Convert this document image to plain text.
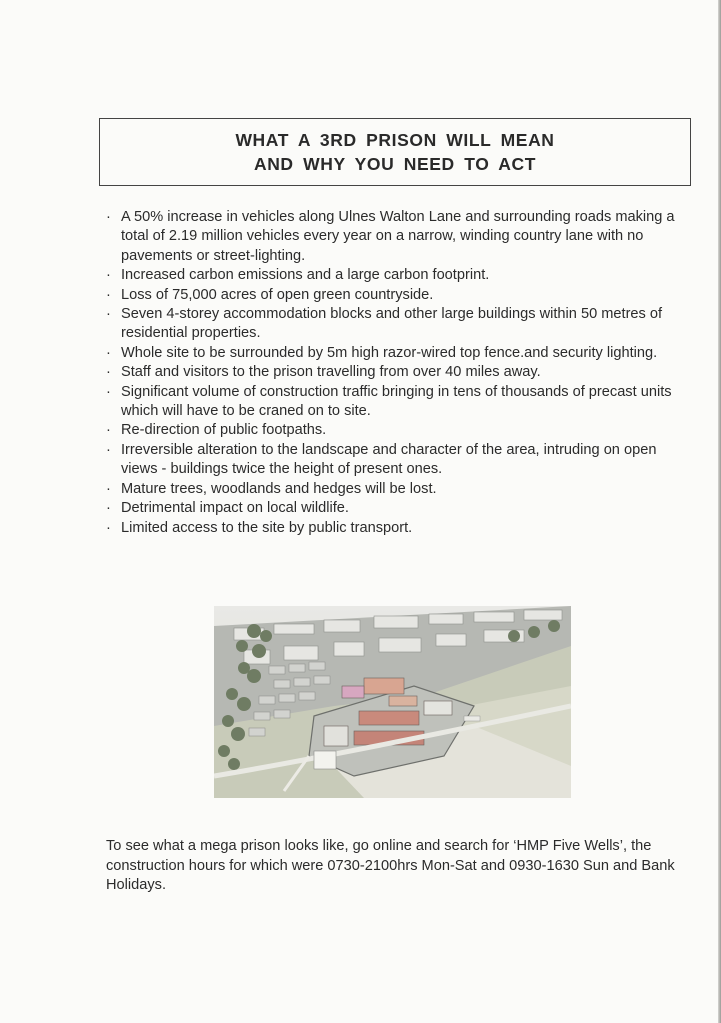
WHAT A 3RD PRISON WILL MEAN
AND WHY YOU NEED TO ACT
· A 50% increase in vehicles along Ulnes Walton Lane and surrounding roads making a total of 2.19 million vehicles every year on a narrow, winding country lane with no pavements or street-lighting.
· Increased carbon emissions and a large carbon footprint.
· Loss of 75,000 acres of open green countryside.
· Seven 4-storey accommodation blocks and other large buildings within 50 metres of residential properties.
· Whole site to be surrounded by 5m high razor-wired top fence.and security lighting.
· Staff and visitors to the prison travelling from over 40 miles away.
· Significant volume of construction traffic bringing in tens of thousands of precast units which will have to be craned on to site.
· Re-direction of public footpaths.
· Irreversible alteration to the landscape and character of the area, intruding on open views - buildings twice the height of present ones.
· Mature trees, woodlands and hedges will be lost.
· Detrimental impact on local wildlife.
· Limited access to the site by public transport.
To see what a mega prison looks like, go online and search for ‘HMP Five Wells’, the construction hours for which were 0730-2100hrs Mon-Sat and 0930-1630 Sun and Bank Holidays.
